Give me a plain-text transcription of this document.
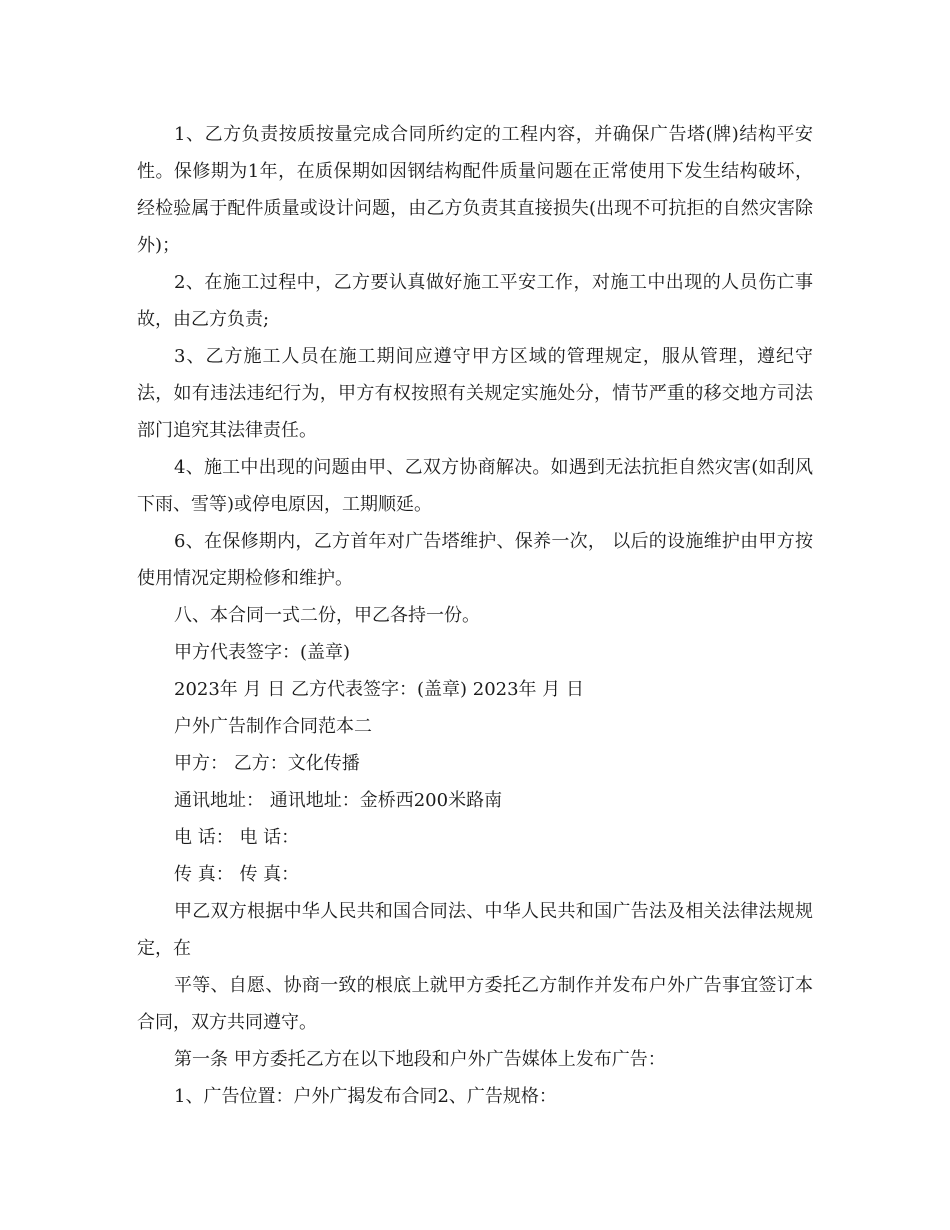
1、乙方负责按质按量完成合同所约定的工程内容，并确保广告塔(牌)结构平安性。保修期为1年，在质保期如因钢结构配件质量问题在正常使用下发生结构破坏，经检验属于配件质量或设计问题，由乙方负责其直接损失(出现不可抗拒的自然灾害除外)；

2、在施工过程中，乙方要认真做好施工平安工作，对施工中出现的人员伤亡事故，由乙方负责;

3、乙方施工人员在施工期间应遵守甲方区域的管理规定，服从管理，遵纪守法，如有违法违纪行为，甲方有权按照有关规定实施处分，情节严重的移交地方司法部门追究其法律责任。

4、施工中出现的问题由甲、乙双方协商解决。如遇到无法抗拒自然灾害(如刮风下雨、雪等)或停电原因，工期顺延。

6、在保修期内，乙方首年对广告塔维护、保养一次， 以后的设施维护由甲方按使用情况定期检修和维护。

八、本合同一式二份，甲乙各持一份。

甲方代表签字：(盖章)

2023年 月 日 乙方代表签字：(盖章) 2023年 月 日

户外广告制作合同范本二

甲方： 乙方：文化传播

通讯地址： 通讯地址：金桥西200米路南

电 话： 电 话：

传 真： 传 真：

甲乙双方根据中华人民共和国合同法、中华人民共和国广告法及相关法律法规规定，在

平等、自愿、协商一致的根底上就甲方委托乙方制作并发布户外广告事宜签订本合同，双方共同遵守。

第一条 甲方委托乙方在以下地段和户外广告媒体上发布广告：

1、广告位置：户外广揭发布合同2、广告规格：
